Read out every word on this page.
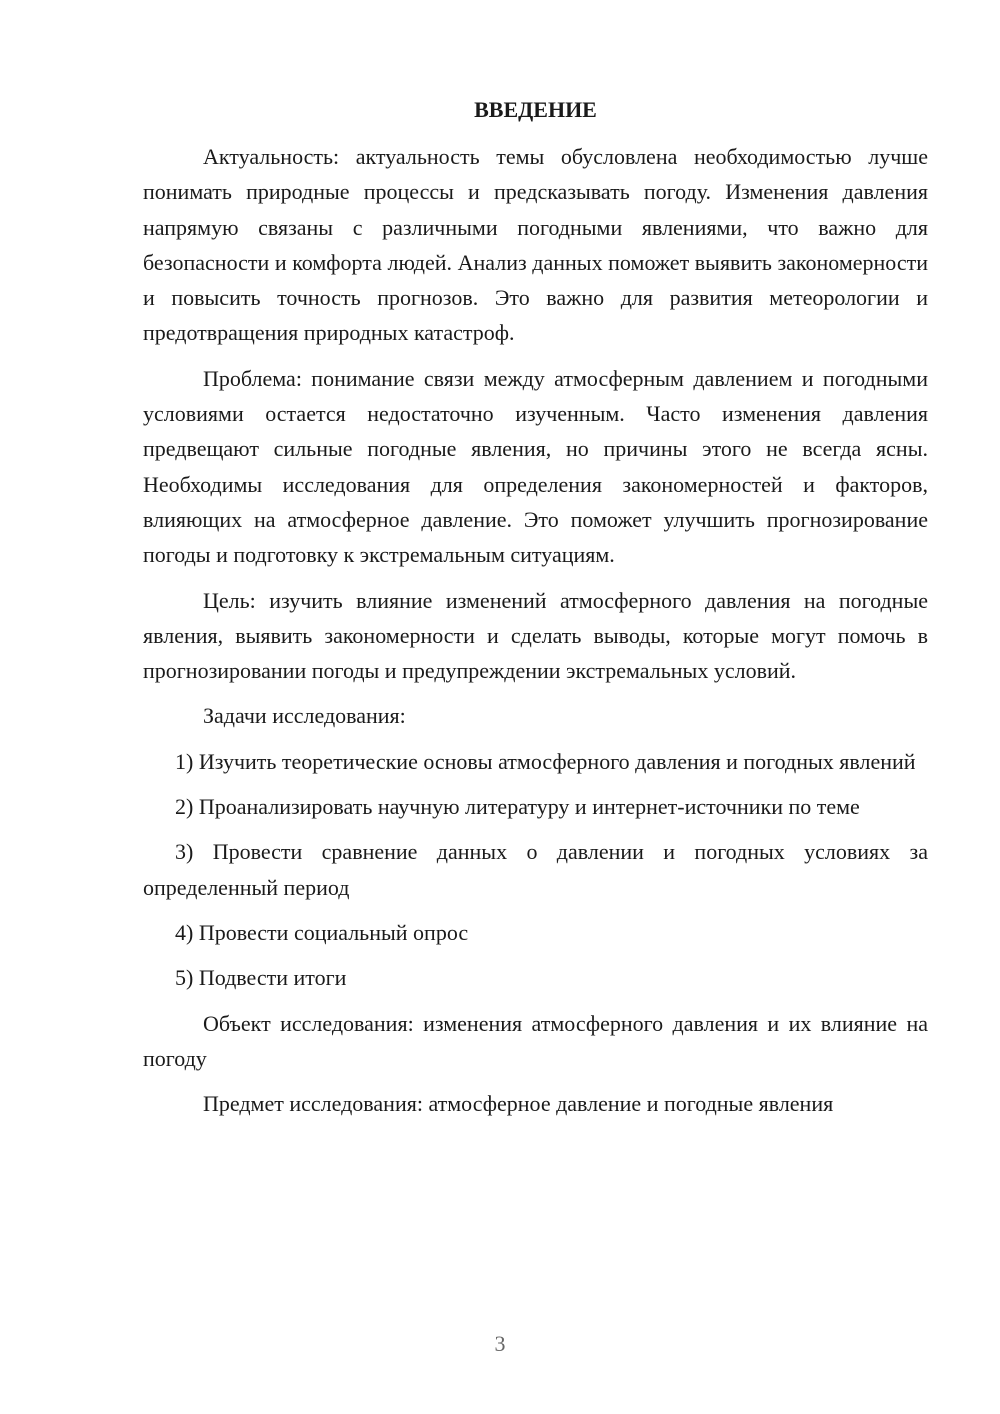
ВВЕДЕНИЕ

Актуальность: актуальность темы обусловлена необходимостью лучше понимать природные процессы и предсказывать погоду. Изменения давления напрямую связаны с различными погодными явлениями, что важно для безопасности и комфорта людей. Анализ данных поможет выявить закономерности и повысить точность прогнозов. Это важно для развития метеорологии и предотвращения природных катастроф.

Проблема: понимание связи между атмосферным давлением и погодными условиями остается недостаточно изученным. Часто изменения давления предвещают сильные погодные явления, но причины этого не всегда ясны. Необходимы исследования для определения закономерностей и факторов, влияющих на атмосферное давление. Это поможет улучшить прогнозирование погоды и подготовку к экстремальным ситуациям.

Цель: изучить влияние изменений атмосферного давления на погодные явления, выявить закономерности и сделать выводы, которые могут помочь в прогнозировании погоды и предупреждении экстремальных условий.

Задачи исследования:

1) Изучить теоретические основы атмосферного давления и погодных явлений

2) Проанализировать научную литературу и интернет-источники по теме

3) Провести сравнение данных о давлении и погодных условиях за определенный период

4) Провести социальный опрос

5) Подвести итоги

Объект исследования: изменения атмосферного давления и их влияние на погоду

Предмет исследования: атмосферное давление и погодные явления

3
